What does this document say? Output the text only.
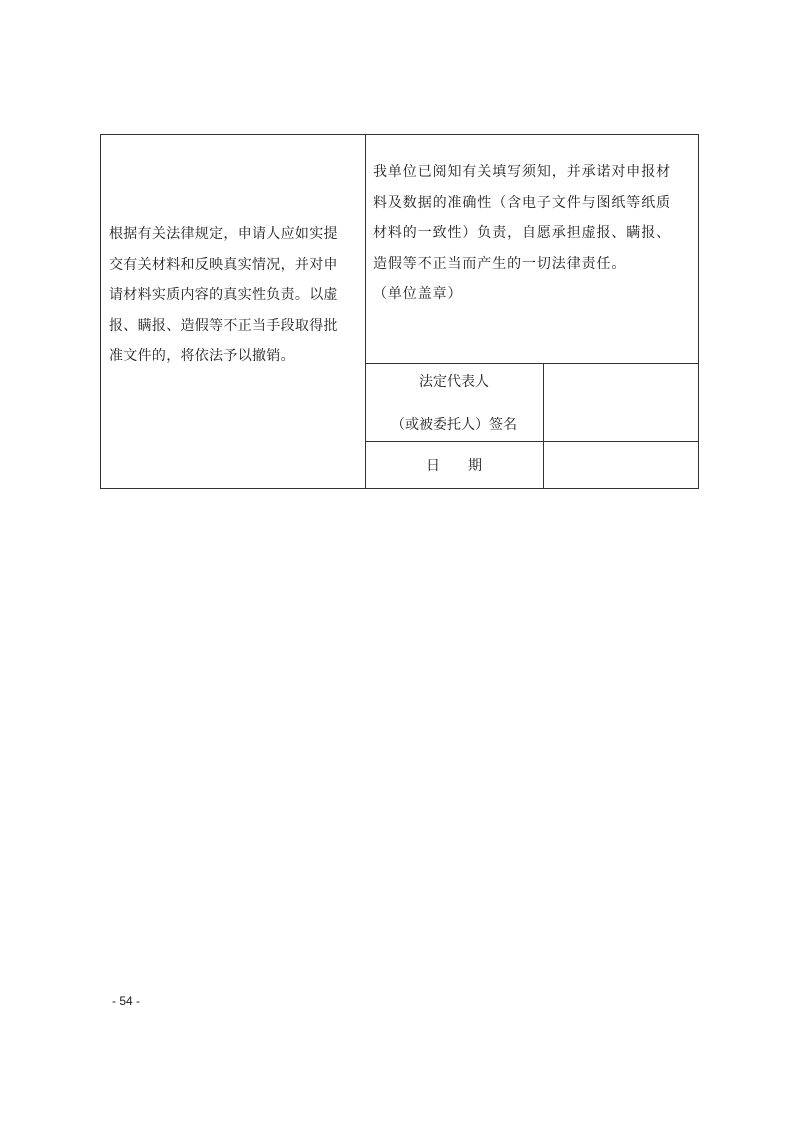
根据有关法律规定，申请人应如实提
交有关材料和反映真实情况，并对申
请材料实质内容的真实性负责。以虚
报、瞒报、造假等不正当手段取得批
准文件的，将依法予以撤销。
我单位已阅知有关填写须知，并承诺对申报材
料及数据的准确性（含电子文件与图纸等纸质
材料的一致性）负责，自愿承担虚报、瞒报、
造假等不正当而产生的一切法律责任。
（单位盖章）
法定代表人
（或被委托人）签名
日　　期
- 54 -
